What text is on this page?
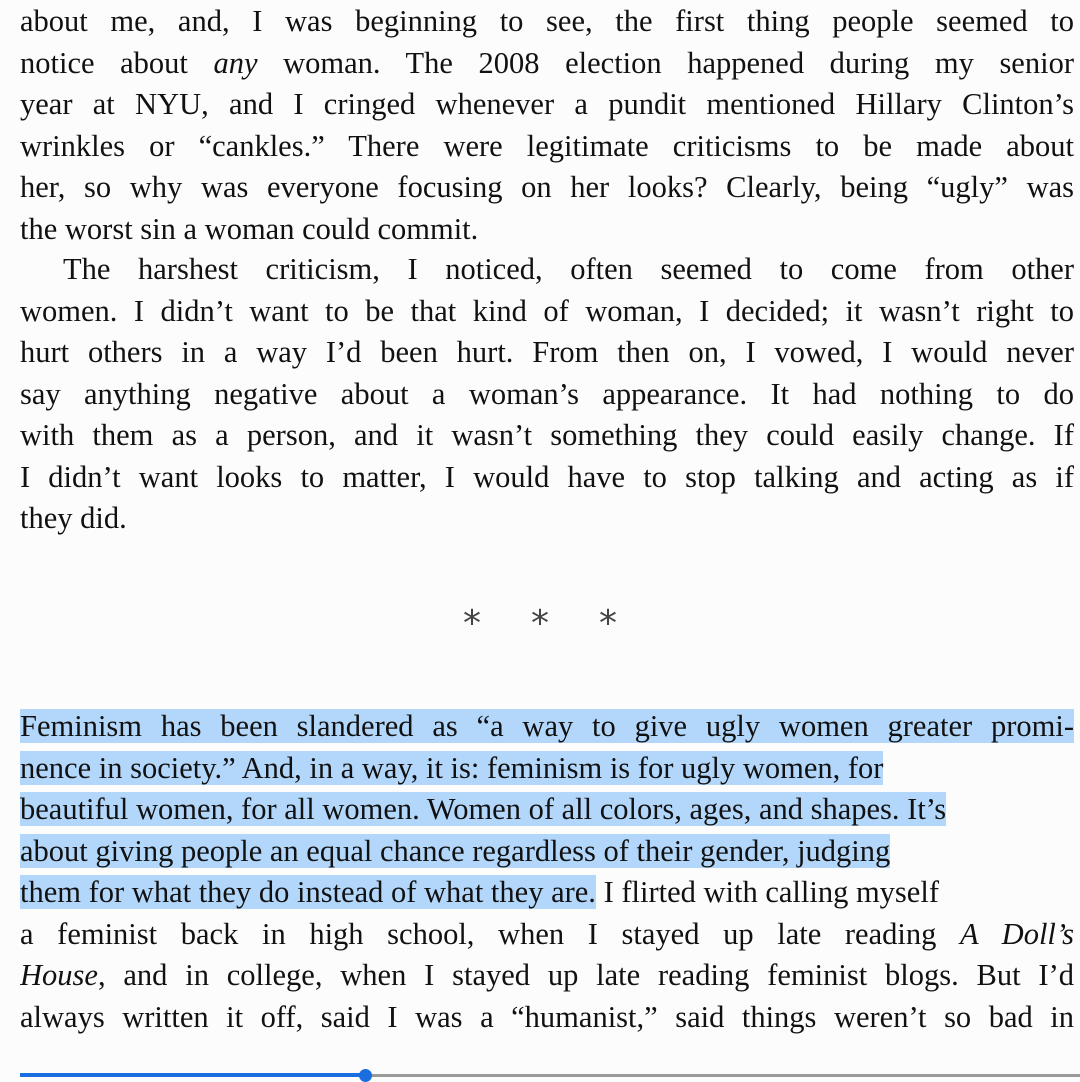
about me, and, I was beginning to see, the first thing people seemed to
notice about any woman. The 2008 election happened during my senior
year at NYU, and I cringed whenever a pundit mentioned Hillary Clinton’s
wrinkles or “cankles.” There were legitimate criticisms to be made about
her, so why was everyone focusing on her looks? Clearly, being “ugly” was
the worst sin a woman could commit.
The harshest criticism, I noticed, often seemed to come from other
women. I didn’t want to be that kind of woman, I decided; it wasn’t right to
hurt others in a way I’d been hurt. From then on, I vowed, I would never
say anything negative about a woman’s appearance. It had nothing to do
with them as a person, and it wasn’t something they could easily change. If
I didn’t want looks to matter, I would have to stop talking and acting as if
they did.
* * *
Feminism has been slandered as “a way to give ugly women greater promi-
nence in society.” And, in a way, it is: feminism is for ugly women, for
beautiful women, for all women. Women of all colors, ages, and shapes. It’s
about giving people an equal chance regardless of their gender, judging
them for what they do instead of what they are. I flirted with calling myself
a feminist back in high school, when I stayed up late reading A Doll’s
House, and in college, when I stayed up late reading feminist blogs. But I’d
always written it off, said I was a “humanist,” said things weren’t so bad in
